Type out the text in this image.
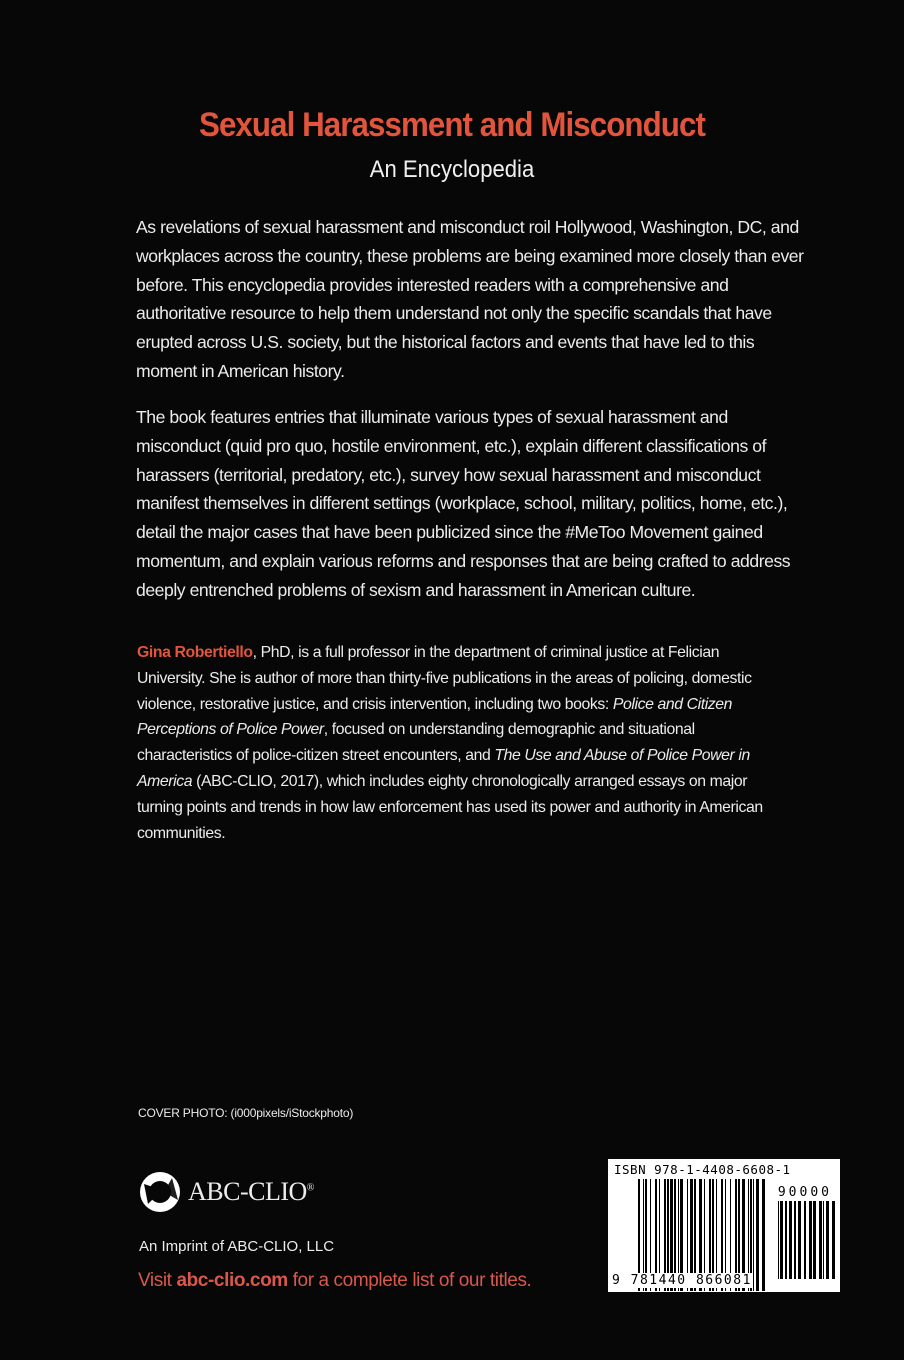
Sexual Harassment and Misconduct
An Encyclopedia

As revelations of sexual harassment and misconduct roil Hollywood, Washington, DC, and workplaces across the country, these problems are being examined more closely than ever before. This encyclopedia provides interested readers with a comprehensive and authoritative resource to help them understand not only the specific scandals that have erupted across U.S. society, but the historical factors and events that have led to this moment in American history.

The book features entries that illuminate various types of sexual harassment and misconduct (quid pro quo, hostile environment, etc.), explain different classifications of harassers (territorial, predatory, etc.), survey how sexual harassment and misconduct manifest themselves in different settings (workplace, school, military, politics, home, etc.), detail the major cases that have been publicized since the #MeToo Movement gained momentum, and explain various reforms and responses that are being crafted to address deeply entrenched problems of sexism and harassment in American culture.

Gina Robertiello, PhD, is a full professor in the department of criminal justice at Felician University. She is author of more than thirty-five publications in the areas of policing, domestic violence, restorative justice, and crisis intervention, including two books: Police and Citizen Perceptions of Police Power, focused on understanding demographic and situational characteristics of police-citizen street encounters, and The Use and Abuse of Police Power in America (ABC-CLIO, 2017), which includes eighty chronologically arranged essays on major turning points and trends in how law enforcement has used its power and authority in American communities.

COVER PHOTO: (i000pixels/iStockphoto)
ABC-CLIO®
An Imprint of ABC-CLIO, LLC
Visit abc-clio.com for a complete list of our titles.
ISBN 978-1-4408-6608-1
90000
9 781440 866081
